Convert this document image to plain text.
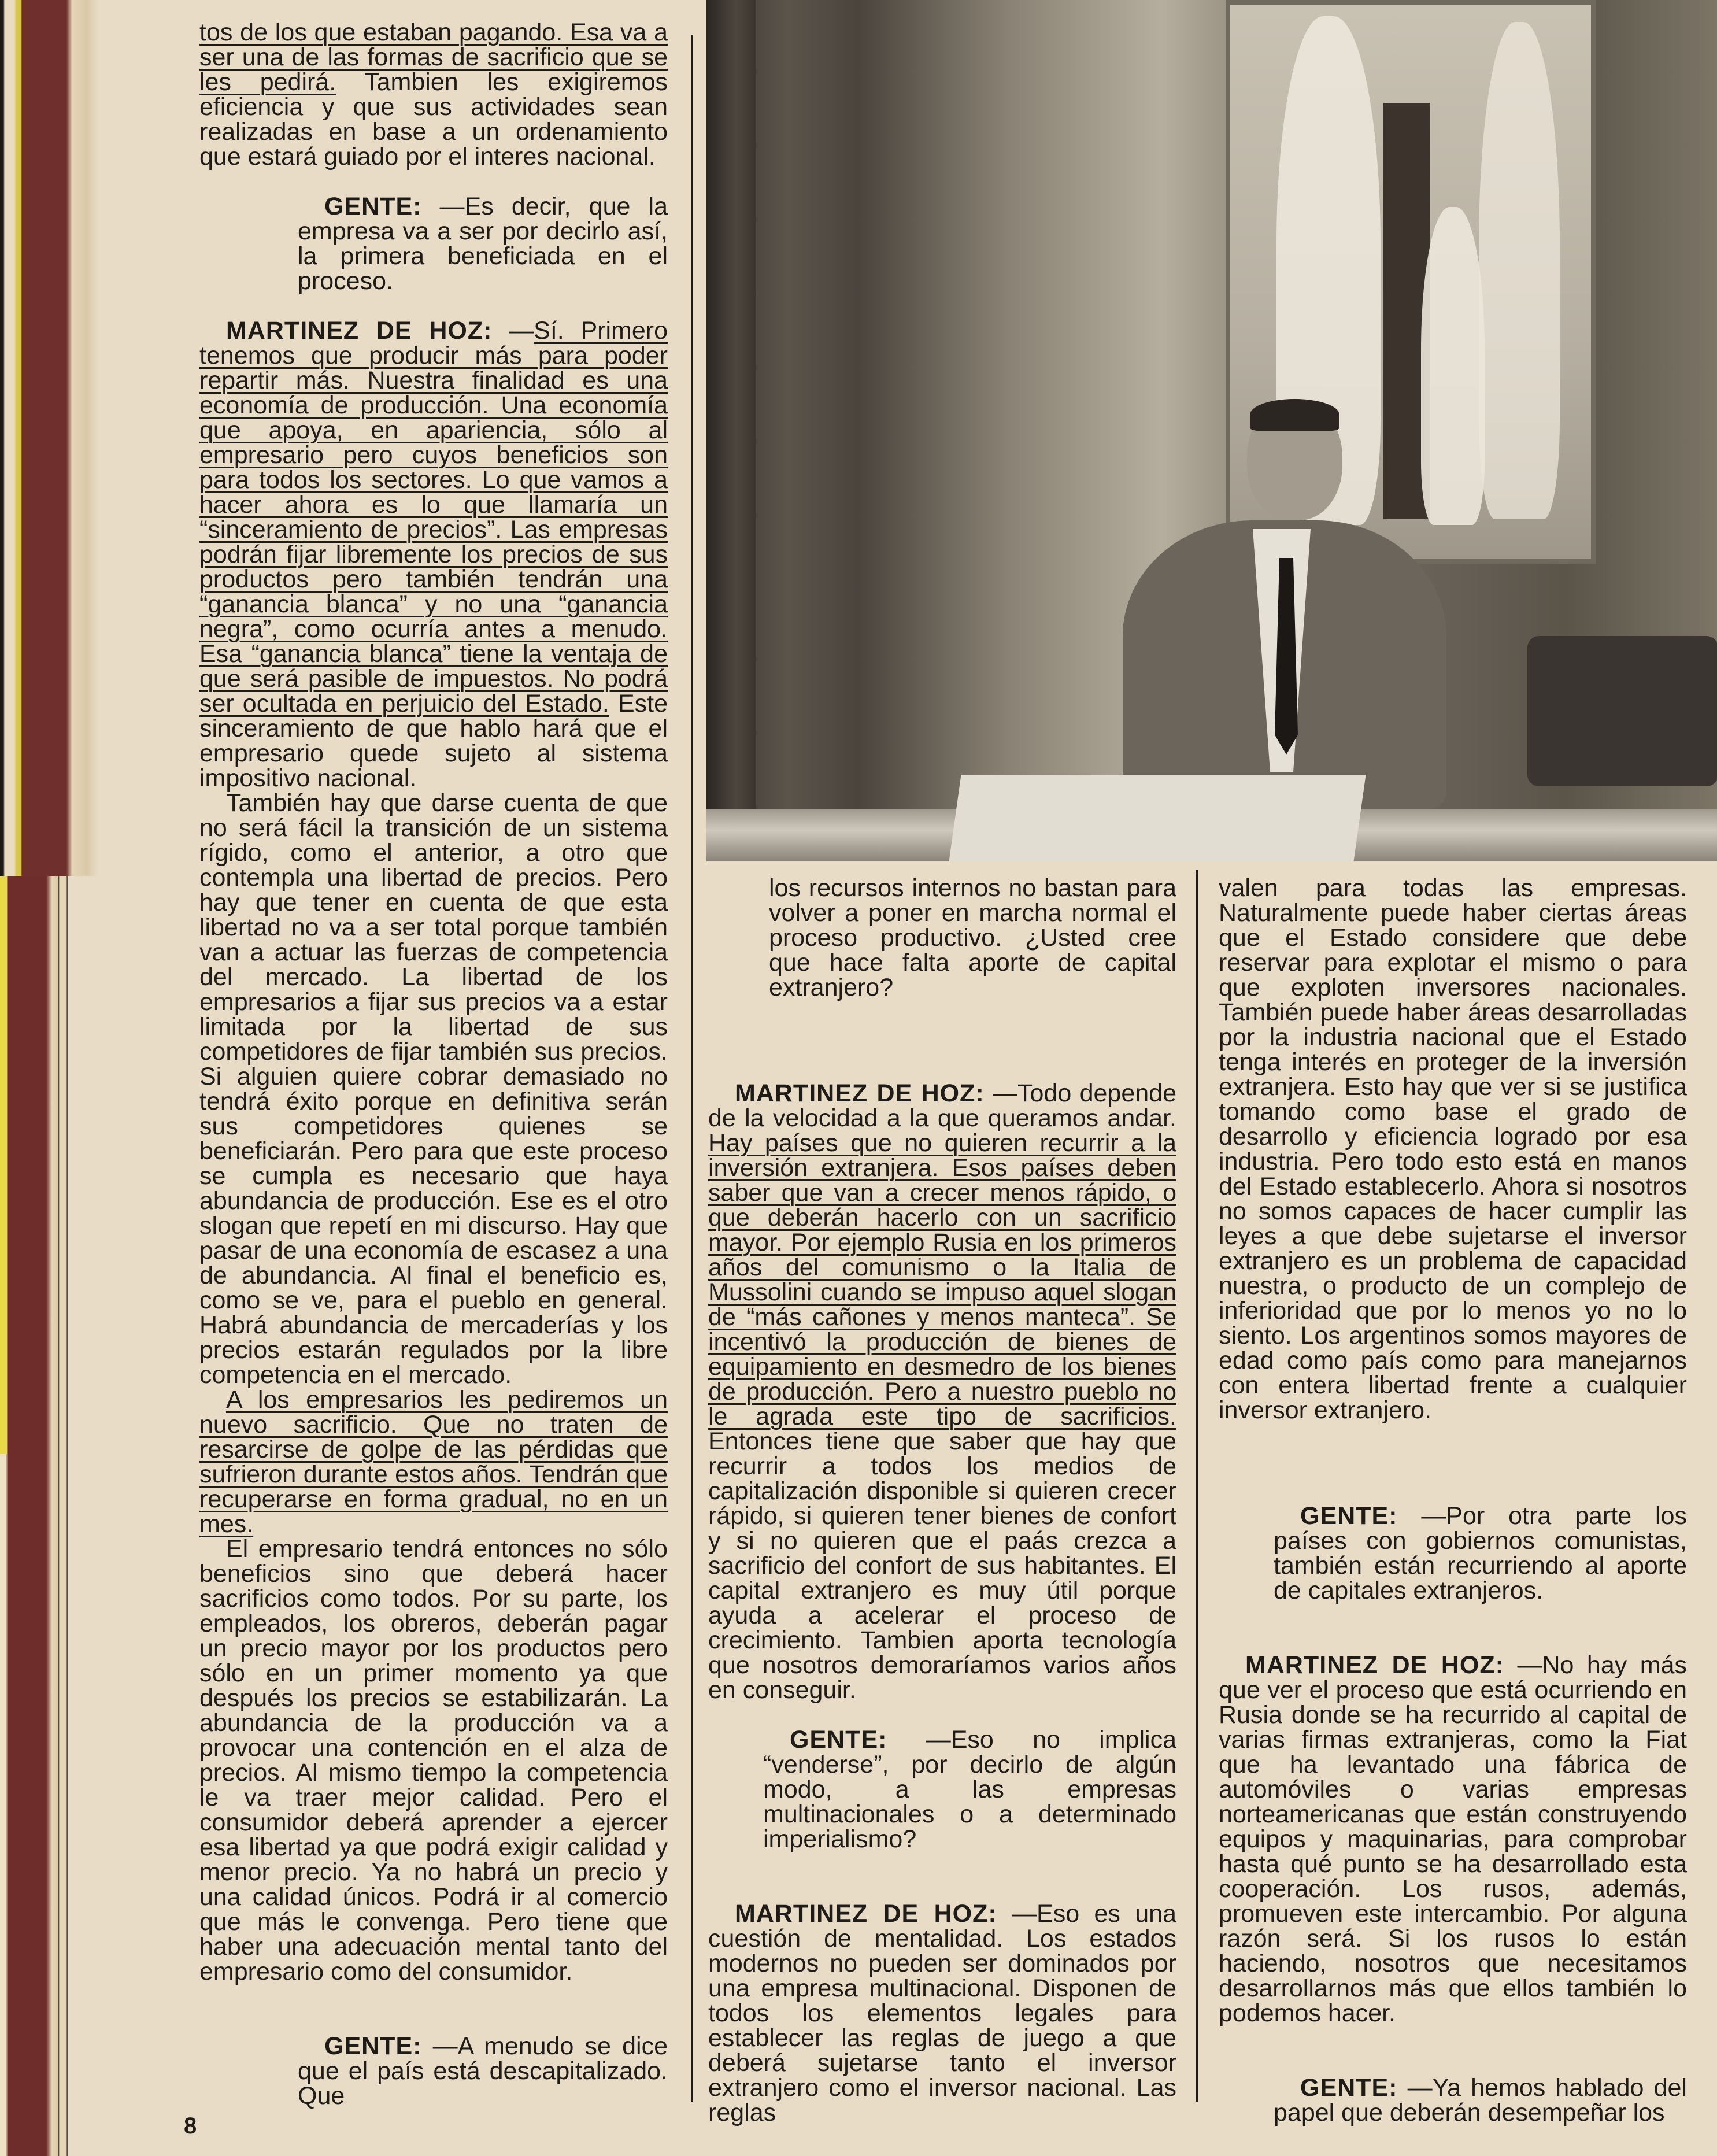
tos de los que estaban pagando. Esa va a ser una de las formas de sacrificio que se les pedirá. Tambien les exigiremos eficiencia y que sus actividades sean realizadas en base a un ordenamiento que estará guiado por el interes nacional.

GENTE: —Es decir, que la empresa va a ser por decirlo así, la primera beneficiada en el proceso.

MARTINEZ DE HOZ: —Sí. Primero tenemos que producir más para poder repartir más. Nuestra finalidad es una economía de producción. Una economía que apoya, en apariencia, sólo al empresario pero cuyos beneficios son para todos los sectores. Lo que vamos a hacer ahora es lo que llamaría un “sinceramiento de precios”. Las empresas podrán fijar libremente los precios de sus productos pero también tendrán una “ganancia blanca” y no una “ganancia negra”, como ocurría antes a menudo. Esa “ganancia blanca” tiene la ventaja de que será pasible de impuestos. No podrá ser ocultada en perjuicio del Estado. Este sinceramiento de que hablo hará que el empresario quede sujeto al sistema impositivo nacional.

También hay que darse cuenta de que no será fácil la transición de un sistema rígido, como el anterior, a otro que contempla una libertad de precios. Pero hay que tener en cuenta de que esta libertad no va a ser total porque también van a actuar las fuerzas de competencia del mercado. La libertad de los empresarios a fijar sus precios va a estar limitada por la libertad de sus competidores de fijar también sus precios. Si alguien quiere cobrar demasiado no tendrá éxito porque en definitiva serán sus competidores quienes se beneficiarán. Pero para que este proceso se cumpla es necesario que haya abundancia de producción. Ese es el otro slogan que repetí en mi discurso. Hay que pasar de una economía de escasez a una de abundancia. Al final el beneficio es, como se ve, para el pueblo en general. Habrá abundancia de mercaderías y los precios estarán regulados por la libre competencia en el mercado.

A los empresarios les pediremos un nuevo sacrificio. Que no traten de resarcirse de golpe de las pérdidas que sufrieron durante estos años. Tendrán que recuperarse en forma gradual, no en un mes.

El empresario tendrá entonces no sólo beneficios sino que deberá hacer sacrificios como todos. Por su parte, los empleados, los obreros, deberán pagar un precio mayor por los productos pero sólo en un primer momento ya que después los precios se estabilizarán. La abundancia de la producción va a provocar una contención en el alza de precios. Al mismo tiempo la competencia le va traer mejor calidad. Pero el consumidor deberá aprender a ejercer esa libertad ya que podrá exigir calidad y menor precio. Ya no habrá un precio y una calidad únicos. Podrá ir al comercio que más le convenga. Pero tiene que haber una adecuación mental tanto del empresario como del consumidor.

GENTE: —A menudo se dice que el país está descapitalizado. Que

los recursos internos no bastan para volver a poner en marcha normal el proceso productivo. ¿Usted cree que hace falta aporte de capital extranjero?

MARTINEZ DE HOZ: —Todo depende de la velocidad a la que queramos andar. Hay países que no quieren recurrir a la inversión extranjera. Esos países deben saber que van a crecer menos rápido, o que deberán hacerlo con un sacrificio mayor. Por ejemplo Rusia en los primeros años del comunismo o la Italia de Mussolini cuando se impuso aquel slogan de “más cañones y menos manteca”. Se incentivó la producción de bienes de equipamiento en desmedro de los bienes de producción. Pero a nuestro pueblo no le agrada este tipo de sacrificios. Entonces tiene que saber que hay que recurrir a todos los medios de capitalización disponible si quieren crecer rápido, si quieren tener bienes de confort y si no quieren que el paás crezca a sacrificio del confort de sus habitantes. El capital extranjero es muy útil porque ayuda a acelerar el proceso de crecimiento. Tambien aporta tecnología que nosotros demoraríamos varios años en conseguir.

GENTE: —Eso no implica “venderse”, por decirlo de algún modo, a las empresas multinacionales o a determinado imperialismo?

MARTINEZ DE HOZ: —Eso es una cuestión de mentalidad. Los estados modernos no pueden ser dominados por una empresa multinacional. Disponen de todos los elementos legales para establecer las reglas de juego a que deberá sujetarse tanto el inversor extranjero como el inversor nacional. Las reglas

valen para todas las empresas. Naturalmente puede haber ciertas áreas que el Estado considere que debe reservar para explotar el mismo o para que exploten inversores nacionales. También puede haber áreas desarrolladas por la industria nacional que el Estado tenga interés en proteger de la inversión extranjera. Esto hay que ver si se justifica tomando como base el grado de desarrollo y eficiencia logrado por esa industria. Pero todo esto está en manos del Estado establecerlo. Ahora si nosotros no somos capaces de hacer cumplir las leyes a que debe sujetarse el inversor extranjero es un problema de capacidad nuestra, o producto de un complejo de inferioridad que por lo menos yo no lo siento. Los argentinos somos mayores de edad como país como para manejarnos con entera libertad frente a cualquier inversor extranjero.

GENTE: —Por otra parte los países con gobiernos comunistas, también están recurriendo al aporte de capitales extranjeros.

MARTINEZ DE HOZ: —No hay más que ver el proceso que está ocurriendo en Rusia donde se ha recurrido al capital de varias firmas extranjeras, como la Fiat que ha levantado una fábrica de automóviles o varias empresas norteamericanas que están construyendo equipos y maquinarias, para comprobar hasta qué punto se ha desarrollado esta cooperación. Los rusos, además, promueven este intercambio. Por alguna razón será. Si los rusos lo están haciendo, nosotros que necesitamos desarrollarnos más que ellos también lo podemos hacer.

GENTE: —Ya hemos hablado del papel que deberán desempeñar los

8
